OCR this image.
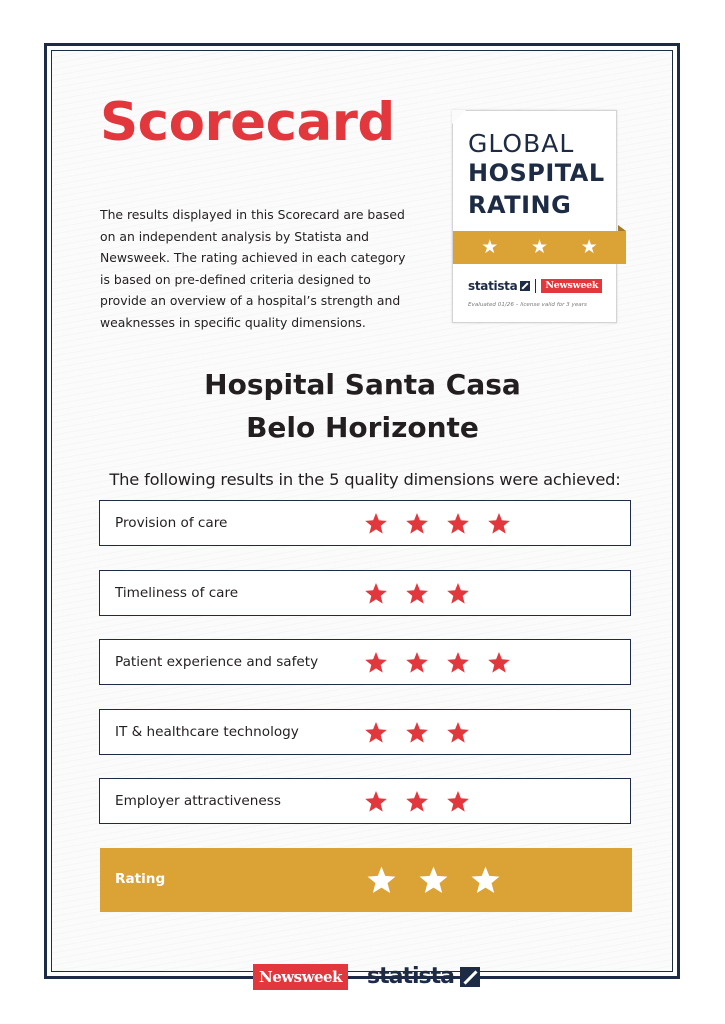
Scorecard
The results displayed in this Scorecard are based
on an independent analysis by Statista and
Newsweek. The rating achieved in each category
is based on pre-defined criteria designed to
provide an overview of a hospital’s strength and
weaknesses in specific quality dimensions.
GLOBAL
HOSPITAL
RATING
★ ★ ★
statista	Newsweek
Evaluated 01/26 – license valid for 3 years
Hospital Santa Casa
Belo Horizonte
The following results in the 5 quality dimensions were achieved:
Provision of care
Timeliness of care
Patient experience and safety
IT & healthcare technology
Employer attractiveness
Rating
Newsweek statista
